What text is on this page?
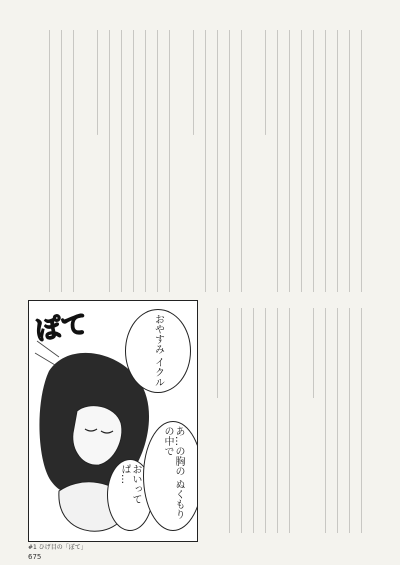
ぽて	おやすみ イクル
おいって ぱ…	あ…の胸の ぬくもりの中で
#1 ひげ目の「ぽて」
675
